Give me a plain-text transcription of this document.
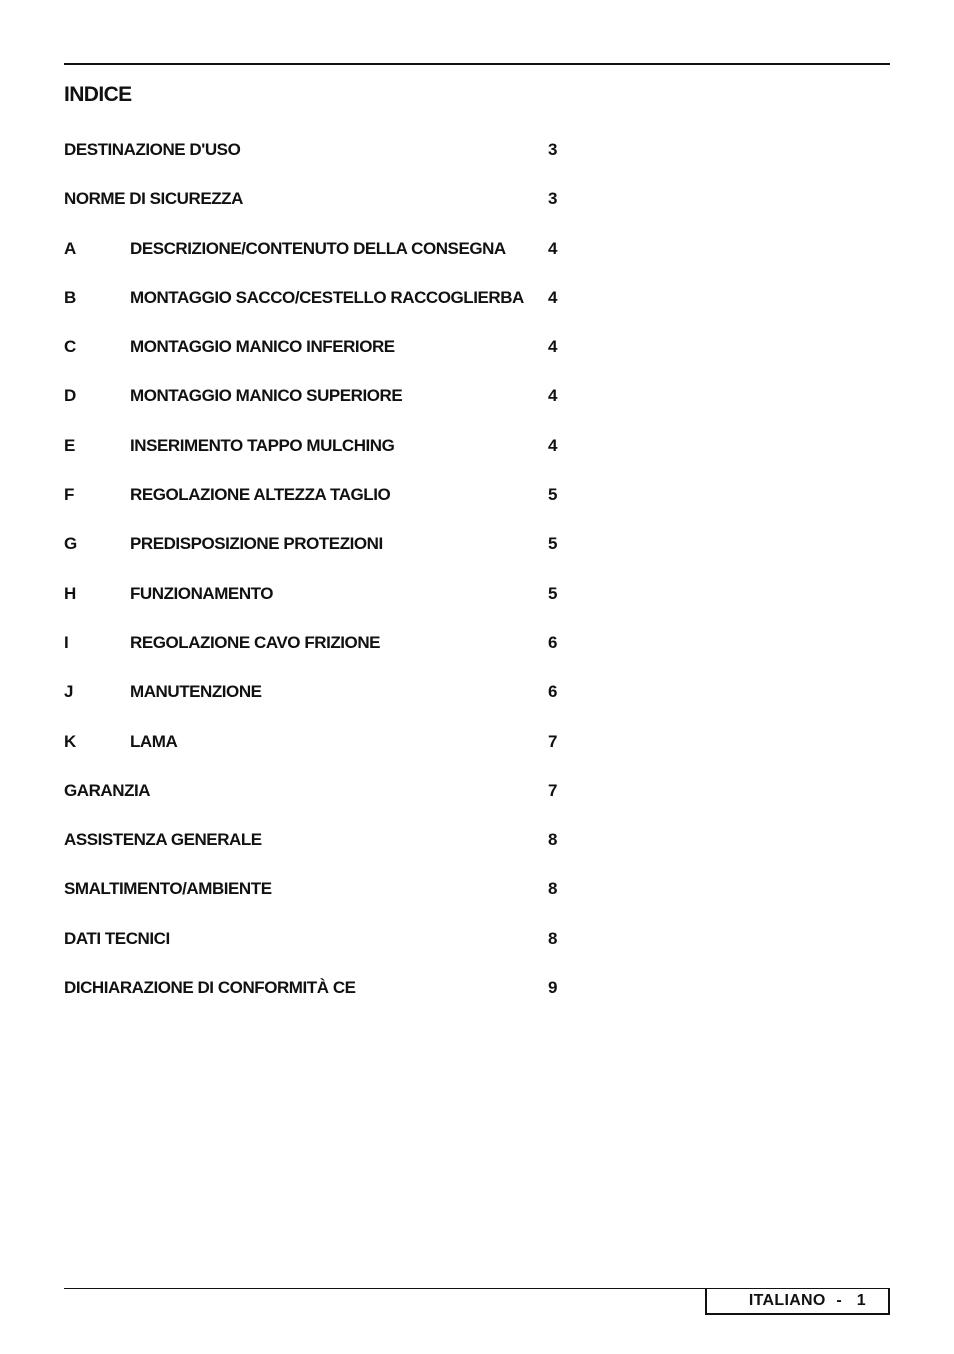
INDICE
DESTINAZIONE D'USO	3
NORME DI SICUREZZA	3
A	DESCRIZIONE/CONTENUTO DELLA CONSEGNA 4
B	MONTAGGIO SACCO/CESTELLO RACCOGLIERBA 4
C	MONTAGGIO MANICO INFERIORE	4
D	MONTAGGIO MANICO SUPERIORE	4
E	INSERIMENTO TAPPO MULCHING	4
F	REGOLAZIONE ALTEZZA TAGLIO	5
G	PREDISPOSIZIONE PROTEZIONI	5
H	FUNZIONAMENTO	5
I	REGOLAZIONE CAVO FRIZIONE	6
J	MANUTENZIONE	6
K	LAMA	7
GARANZIA	7
ASSISTENZA GENERALE	8
SMALTIMENTO/AMBIENTE	8
DATI TECNICI	8
DICHIARAZIONE DI CONFORMITÀ CE	9
ITALIANO - 1
